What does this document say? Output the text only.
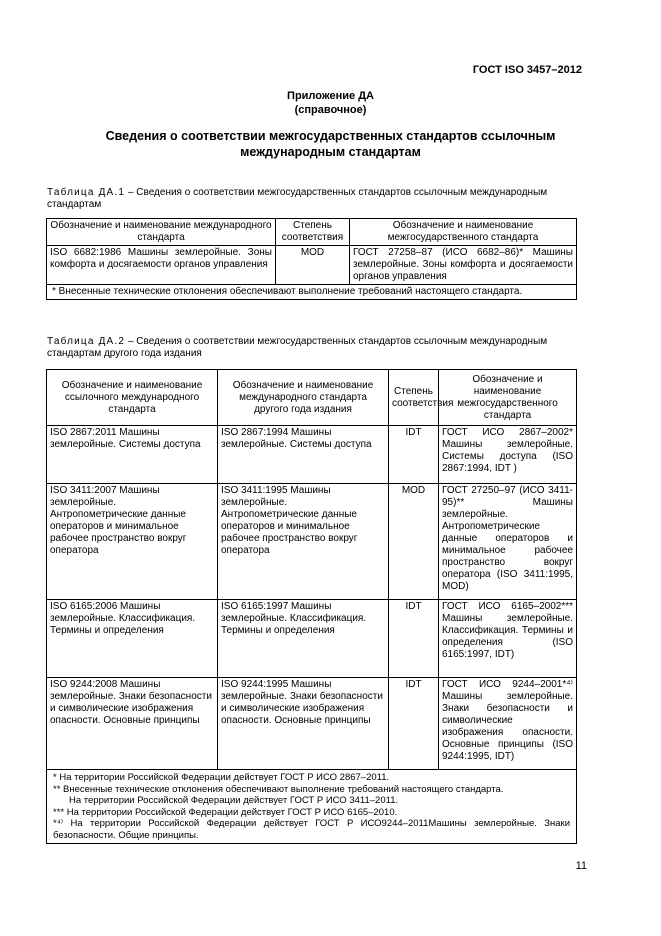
ГОСТ ISO 3457–2012
Приложение ДА
(справочное)
Сведения о соответствии межгосударственных стандартов ссылочным
международным стандартам
Таблица ДА.1 – Сведения о соответствии межгосударственных стандартов ссылочным международным стандартам
Обозначение и наименование международного стандарта	Степень соответствия	Обозначение и наименование межгосударственного стандарта
ISO 6682:1986 Машины землеройные. Зоны комфорта и досягаемости органов управления	MOD	ГОСТ 27258–87 (ИСО 6682–86)* Машины землеройные. Зоны комфорта и досягаемости органов управления
* Внесенные технические отклонения обеспечивают выполнение требований настоящего стандарта.		
Таблица ДА.2 – Сведения о соответствии межгосударственных стандартов ссылочным международным стандартам другого года издания
Обозначение и наименование ссылочного международного стандарта	Обозначение и наименование международного стандарта другого года издания	Степень соответствия	Обозначение и наименование межгосударственного стандарта
ISO 2867:2011 Машины землеройные. Системы доступа	ISO 2867:1994 Машины землеройные. Системы доступа	IDT	ГОСТ ИСО 2867–2002* Машины землеройные. Системы доступа (ISO 2867:1994, IDT )
ISO 3411:2007 Машины землеройные. Антропометрические данные операторов и минимальное рабочее пространство вокруг оператора	ISO 3411:1995 Машины землеройные. Антропометрические данные операторов и минимальное рабочее пространство вокруг оператора	MOD	ГОСТ 27250–97 (ИСО 3411-95)** Машины землеройные. Антропометрические данные операторов и минимальное рабочее пространство вокруг оператора (ISO 3411:1995, MOD)
ISO 6165:2006 Машины землеройные. Классификация. Термины и определения	ISO 6165:1997 Машины землеройные. Классификация. Термины и определения	IDT	ГОСТ ИСО 6165–2002*** Машины землеройные. Классификация. Термины и определения (ISO 6165:1997, IDT)
ISO 9244:2008 Машины землеройные. Знаки безопасности и символические изображения опасности. Основные принципы	ISO 9244:1995 Машины землеройные. Знаки безопасности и символические изображения опасности. Основные принципы	IDT	ГОСТ ИСО 9244–2001*⁴⁾ Машины землеройные. Знаки безопасности и символические изображения опасности. Основные принципы (ISO 9244:1995, IDT)

* На территории Российской Федерации действует ГОСТ Р ИСО 2867–2011.
** Внесенные технические отклонения обеспечивают выполнение требований настоящего стандарта.
На территории Российской Федерации действует ГОСТ Р ИСО 3411–2011.
*** На территории Российской Федерации действует ГОСТ Р ИСО 6165–2010.
*⁴⁾ На территории Российской Федерации действует ГОСТ Р ИСО9244–2011Машины землеройные. Знаки безопасности. Общие принципы.			
11
